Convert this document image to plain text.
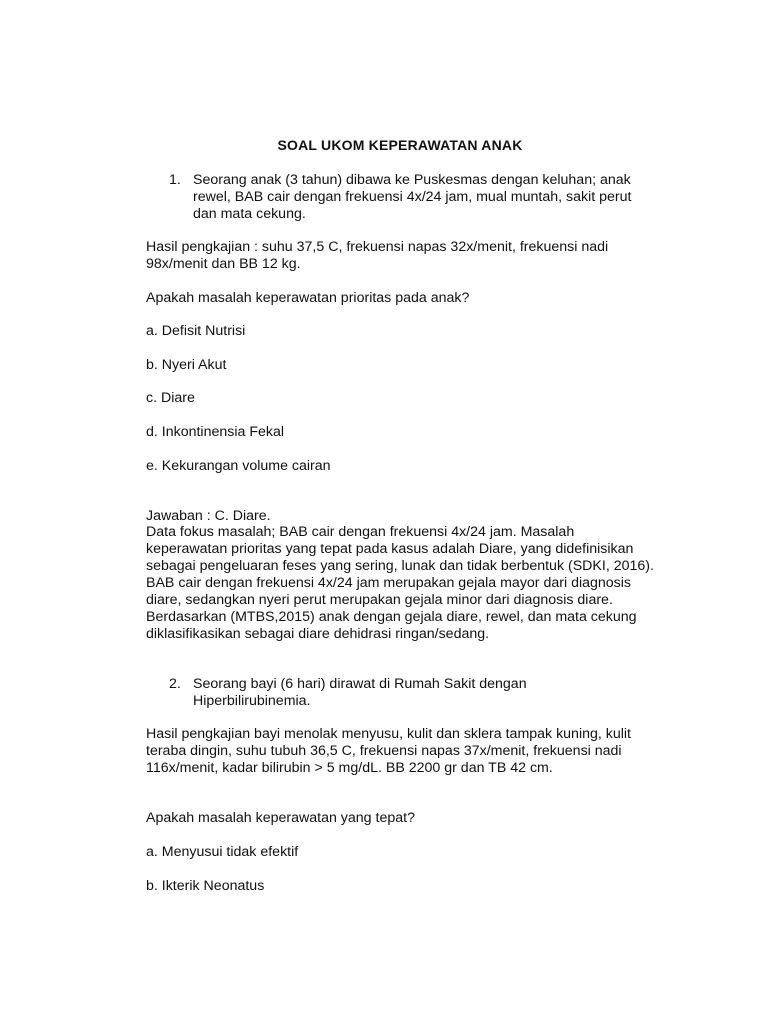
SOAL UKOM KEPERAWATAN ANAK
1. Seorang anak (3 tahun) dibawa ke Puskesmas dengan keluhan; anak rewel, BAB cair dengan frekuensi 4x/24 jam, mual muntah, sakit perut dan mata cekung.
Hasil pengkajian : suhu 37,5 C, frekuensi napas 32x/menit, frekuensi nadi 98x/menit dan BB 12 kg.
Apakah masalah keperawatan prioritas pada anak?
a. Defisit Nutrisi
b. Nyeri Akut
c. Diare
d. Inkontinensia Fekal
e. Kekurangan volume cairan
Jawaban : C. Diare.
Data fokus masalah; BAB cair dengan frekuensi 4x/24 jam. Masalah keperawatan prioritas yang tepat pada kasus adalah Diare, yang didefinisikan sebagai pengeluaran feses yang sering, lunak dan tidak berbentuk (SDKI, 2016). BAB cair dengan frekuensi 4x/24 jam merupakan gejala mayor dari diagnosis diare, sedangkan nyeri perut merupakan gejala minor dari diagnosis diare. Berdasarkan (MTBS,2015) anak dengan gejala diare, rewel, dan mata cekung diklasifikasikan sebagai diare dehidrasi ringan/sedang.
2. Seorang bayi (6 hari) dirawat di Rumah Sakit dengan Hiperbilirubinemia.
Hasil pengkajian bayi menolak menyusu, kulit dan sklera tampak kuning, kulit teraba dingin, suhu tubuh 36,5 C, frekuensi napas 37x/menit, frekuensi nadi 116x/menit, kadar bilirubin > 5 mg/dL. BB 2200 gr dan TB 42 cm.
Apakah masalah keperawatan yang tepat?
a. Menyusui tidak efektif
b. Ikterik Neonatus
